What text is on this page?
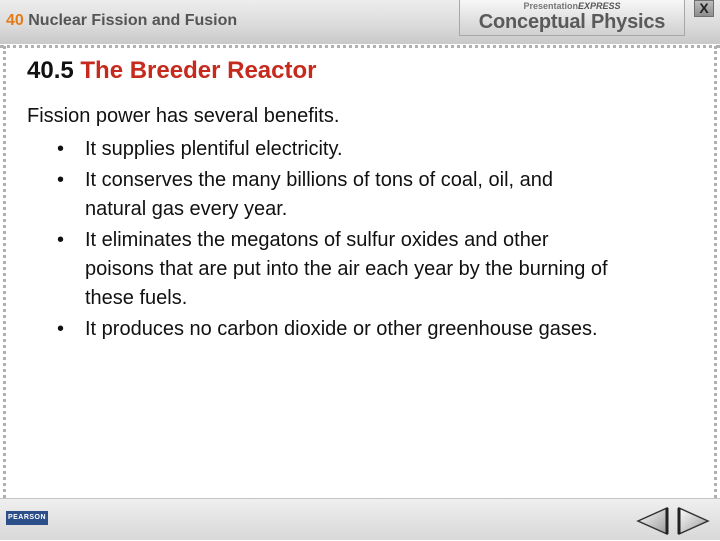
40 Nuclear Fission and Fusion
PresentationEXPRESS
Conceptual Physics
X
40.5 The Breeder Reactor

Fission power has several benefits.

• It supplies plentiful electricity.
• It conserves the many billions of tons of coal, oil, and natural gas every year.
• It eliminates the megatons of sulfur oxides and other poisons that are put into the air each year by the burning of these fuels.
• It produces no carbon dioxide or other greenhouse gases.
PEARSON
